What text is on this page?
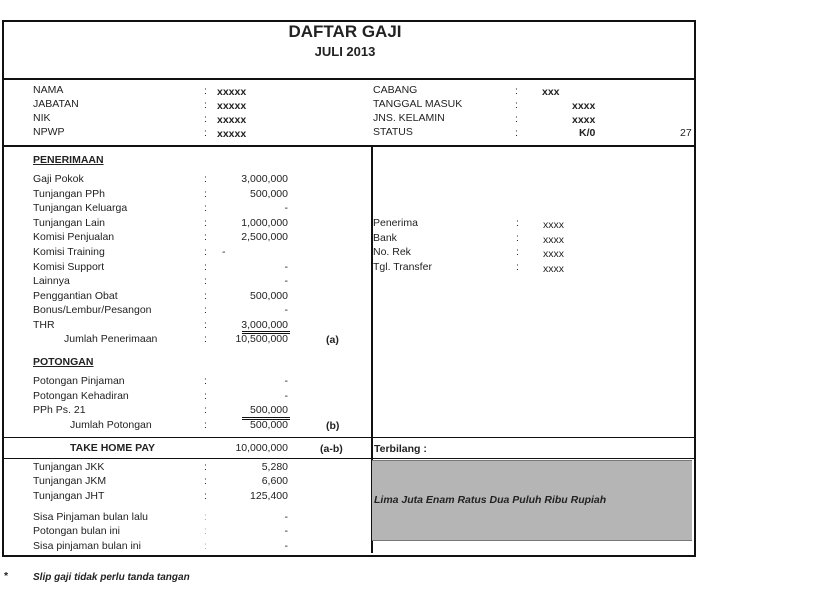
DAFTAR GAJI
JULI 2013
NAMA	: xxxxx
JABATAN	: xxxxx
NIK	: xxxxx
NPWP	: xxxxx
CABANG	: xxx
TANGGAL MASUK	:	xxxx
JNS. KELAMIN	:	xxxx
STATUS	:	K/0	27
PENERIMAAN
Gaji Pokok	:	3,000,000
Tunjangan PPh	:	500,000
Tunjangan Keluarga	:	-
Tunjangan Lain	:	1,000,000
Komisi Penjualan	:	2,500,000
Komisi Training	: -
Komisi Support	:	-
Lainnya	:	-
Penggantian Obat	:	500,000
Bonus/Lembur/Pesangon	:	-
THR	:	3,000,000
Jumlah Penerimaan	:	10,500,000	(a)
POTONGAN
Potongan Pinjaman	:	-
Potongan Kehadiran	:	-
PPh Ps. 21	:	500,000
Jumlah Potongan	:	500,000	(b)
TAKE HOME PAY	10,000,000	(a-b)	Terbilang :
Tunjangan JKK	:	5,280
Tunjangan JKM	:	6,600
Tunjangan JHT	:	125,400
Sisa Pinjaman bulan lalu	:	-
Potongan bulan ini	:	-
Sisa pinjaman bulan ini	:	-
Penerima	: xxxx
Bank	: xxxx
No. Rek	: xxxx
Tgl. Transfer	: xxxx
Lima Juta Enam Ratus Dua Puluh Ribu Rupiah
* Slip gaji tidak perlu tanda tangan
